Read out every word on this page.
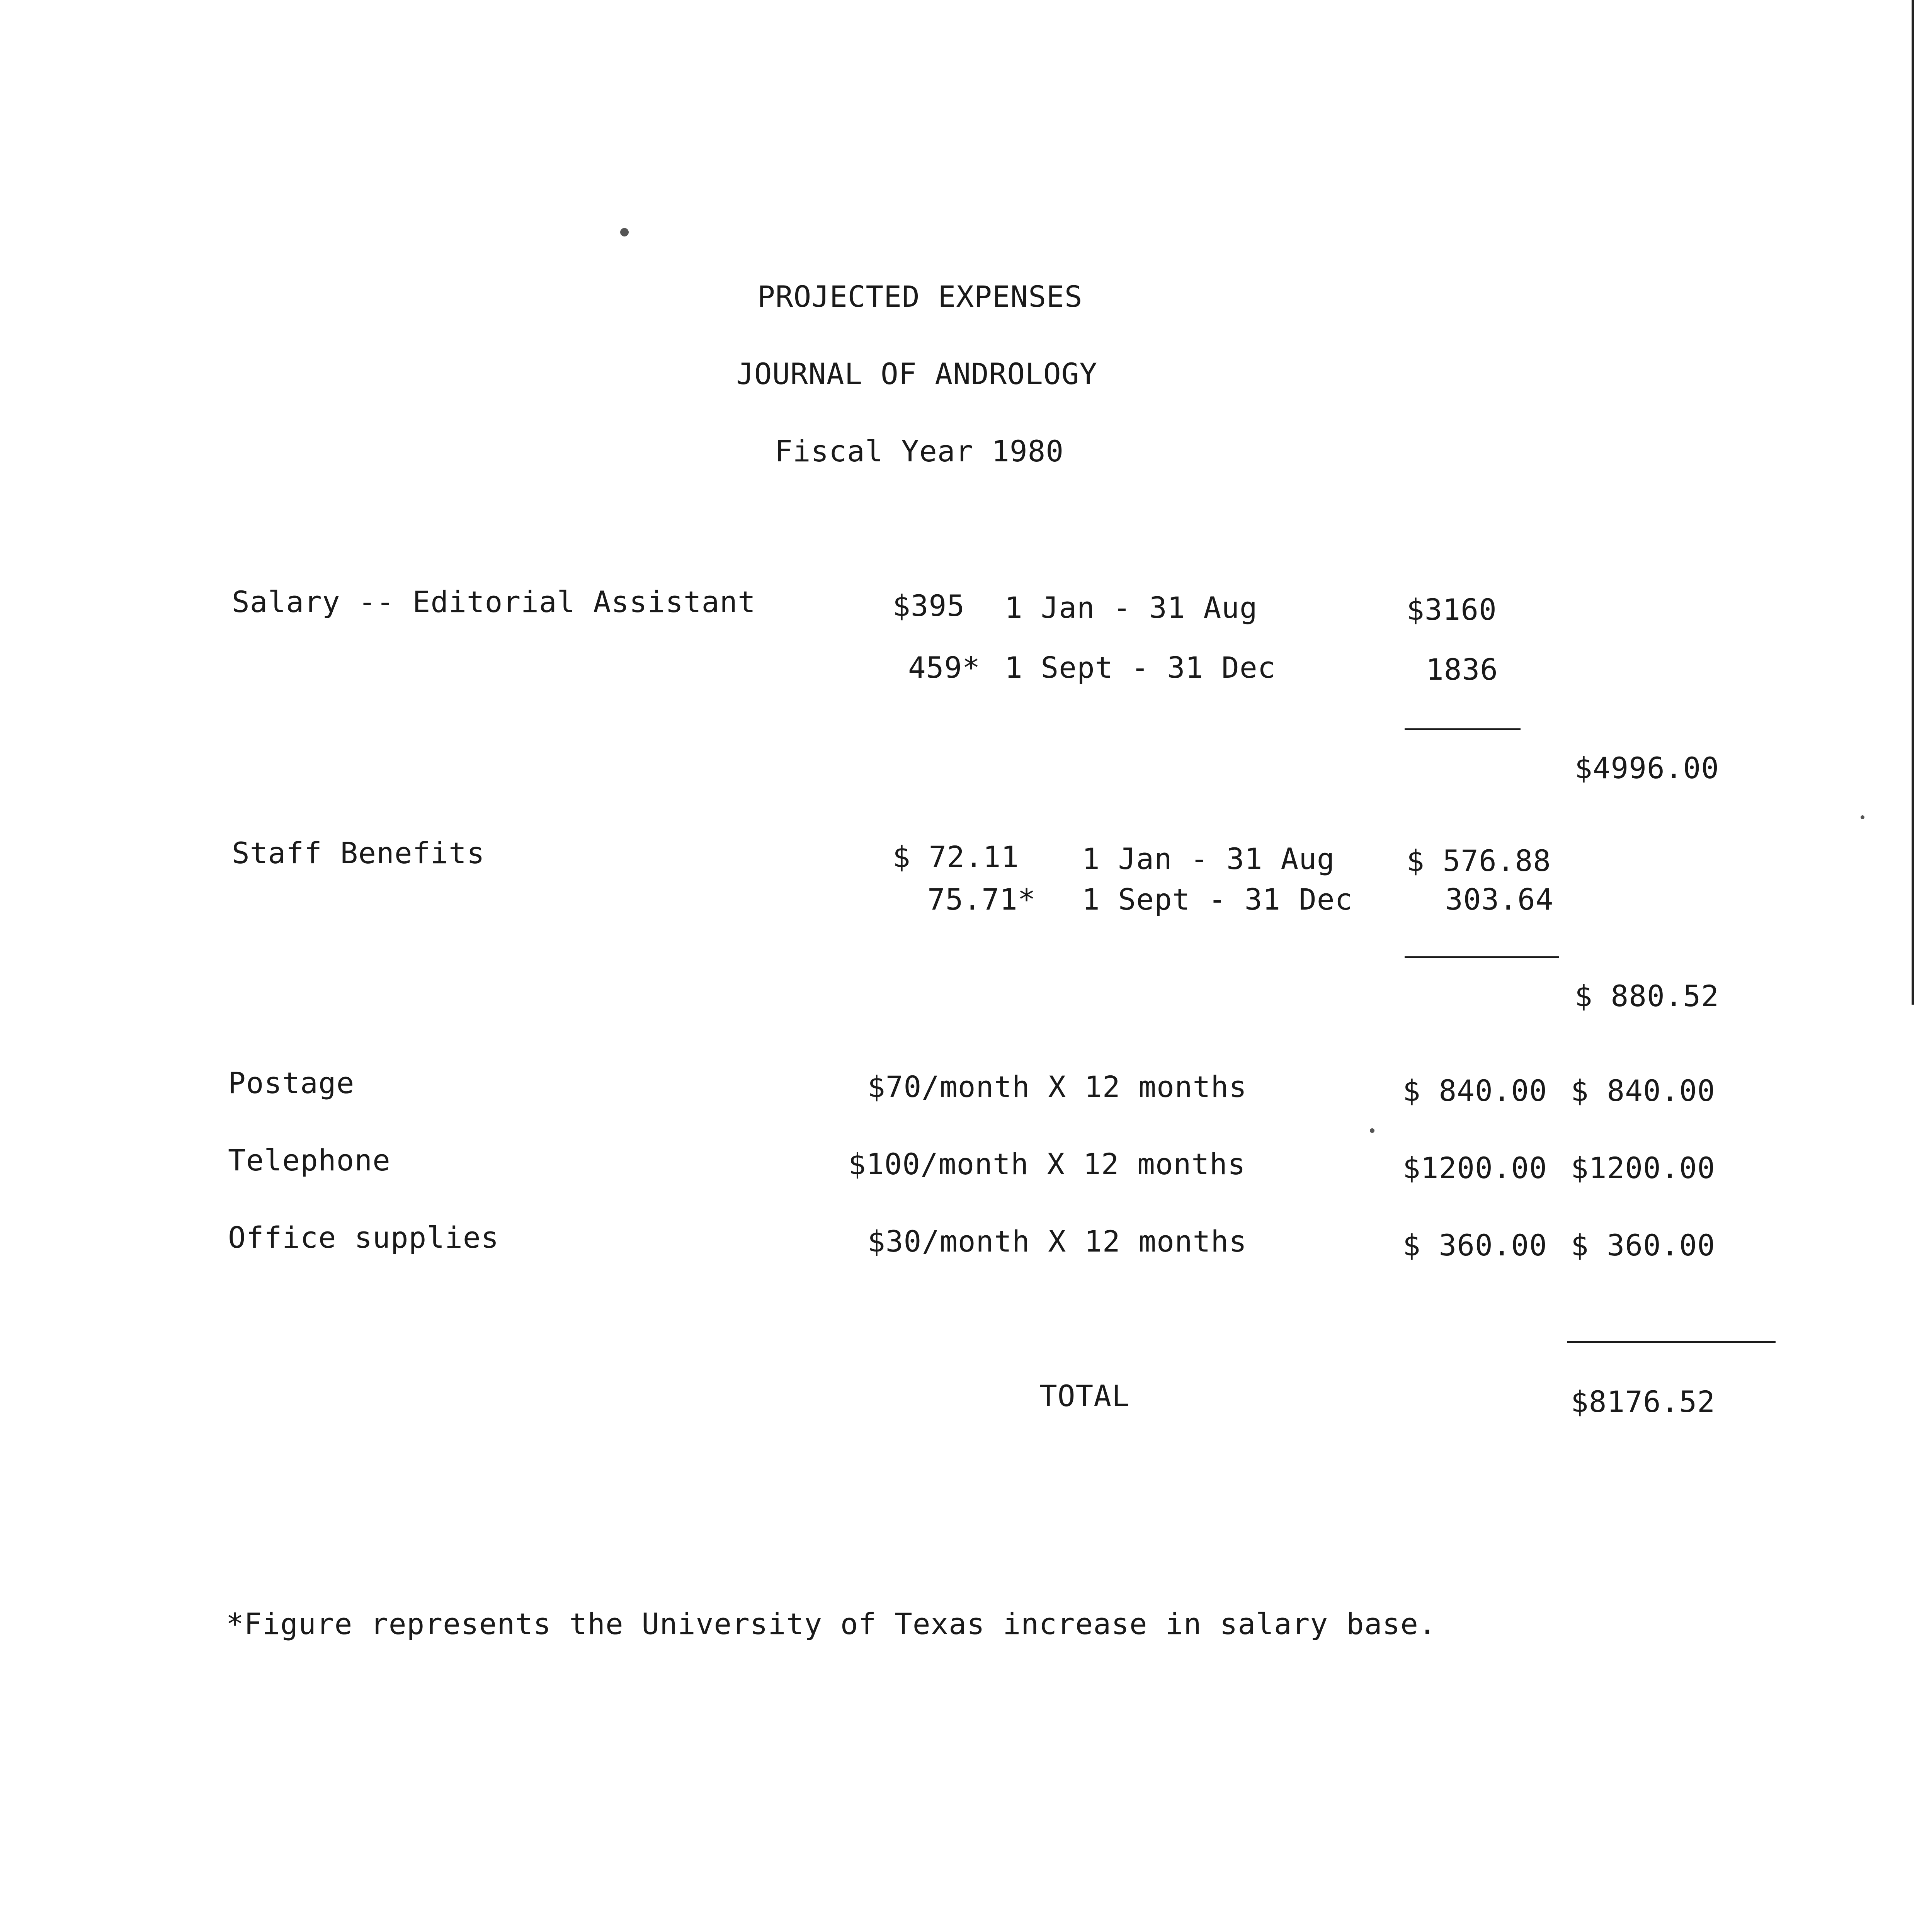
PROJECTED EXPENSES
JOURNAL OF ANDROLOGY
Fiscal Year 1980
Salary -- Editorial Assistant	$395 1 Jan - 31 Aug	$3160
459* 1 Sept - 31 Dec	1836
$4996.00
Staff Benefits	$ 72.11 1 Jan - 31 Aug $ 576.88
75.71* 1 Sept - 31 Dec	303.64
$ 880.52
Postage	$70/month X 12 months	$ 840.00 $ 840.00
Telephone	$100/month X 12 months	$1200.00 $1200.00
Office supplies	$30/month X 12 months	$ 360.00 $ 360.00
TOTAL	$8176.52
*Figure represents the University of Texas increase in salary base.
